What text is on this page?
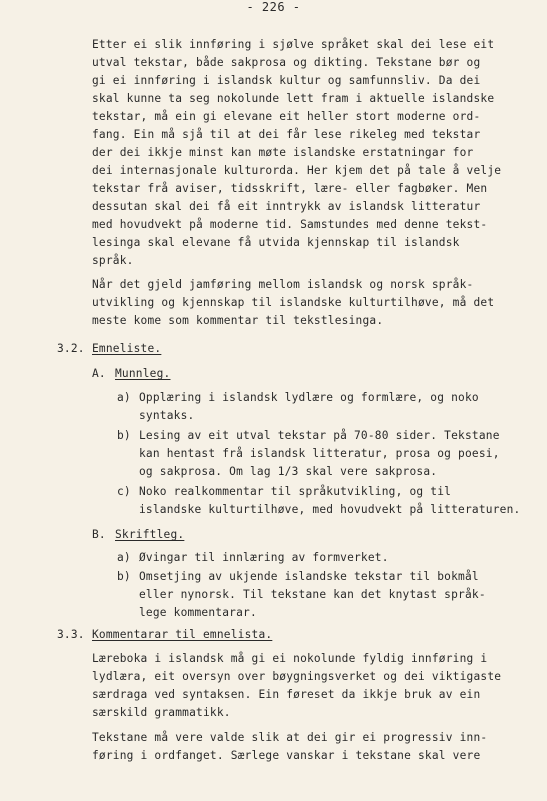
- 226 -
Etter ei slik innføring i sjølve språket skal dei lese eit
utval tekstar, både sakprosa og dikting. Tekstane bør og
gi ei innføring i islandsk kultur og samfunnsliv. Da dei
skal kunne ta seg nokolunde lett fram i aktuelle islandske
tekstar, må ein gi elevane eit heller stort moderne ord-
fang. Ein må sjå til at dei får lese rikeleg med tekstar
der dei ikkje minst kan møte islandske erstatningar for
dei internasjonale kulturorda. Her kjem det på tale å velje
tekstar frå aviser, tidsskrift, lære- eller fagbøker. Men
dessutan skal dei få eit inntrykk av islandsk litteratur
med hovudvekt på moderne tid. Samstundes med denne tekst-
lesinga skal elevane få utvida kjennskap til islandsk
språk.
Når det gjeld jamføring mellom islandsk og norsk språk-
utvikling og kjennskap til islandske kulturtilhøve, må det
meste kome som kommentar til tekstlesinga.
3.2. Emneliste.
A. Munnleg.
a) Opplæring i islandsk lydlære og formlære, og noko
syntaks.
b) Lesing av eit utval tekstar på 70-80 sider. Tekstane
kan hentast frå islandsk litteratur, prosa og poesi,
og sakprosa. Om lag 1/3 skal vere sakprosa.
c) Noko realkommentar til språkutvikling, og til
islandske kulturtilhøve, med hovudvekt på litteraturen.
B. Skriftleg.
a) Øvingar til innlæring av formverket.
b) Omsetjing av ukjende islandske tekstar til bokmål
eller nynorsk. Til tekstane kan det knytast språk-
lege kommentarar.
3.3. Kommentarar til emnelista.
Læreboka i islandsk må gi ei nokolunde fyldig innføring i
lydlæra, eit oversyn over bøygningsverket og dei viktigaste
særdraga ved syntaksen. Ein føreset da ikkje bruk av ein
særskild grammatikk.
Tekstane må vere valde slik at dei gir ei progressiv inn-
føring i ordfanget. Særlege vanskar i tekstane skal vere
